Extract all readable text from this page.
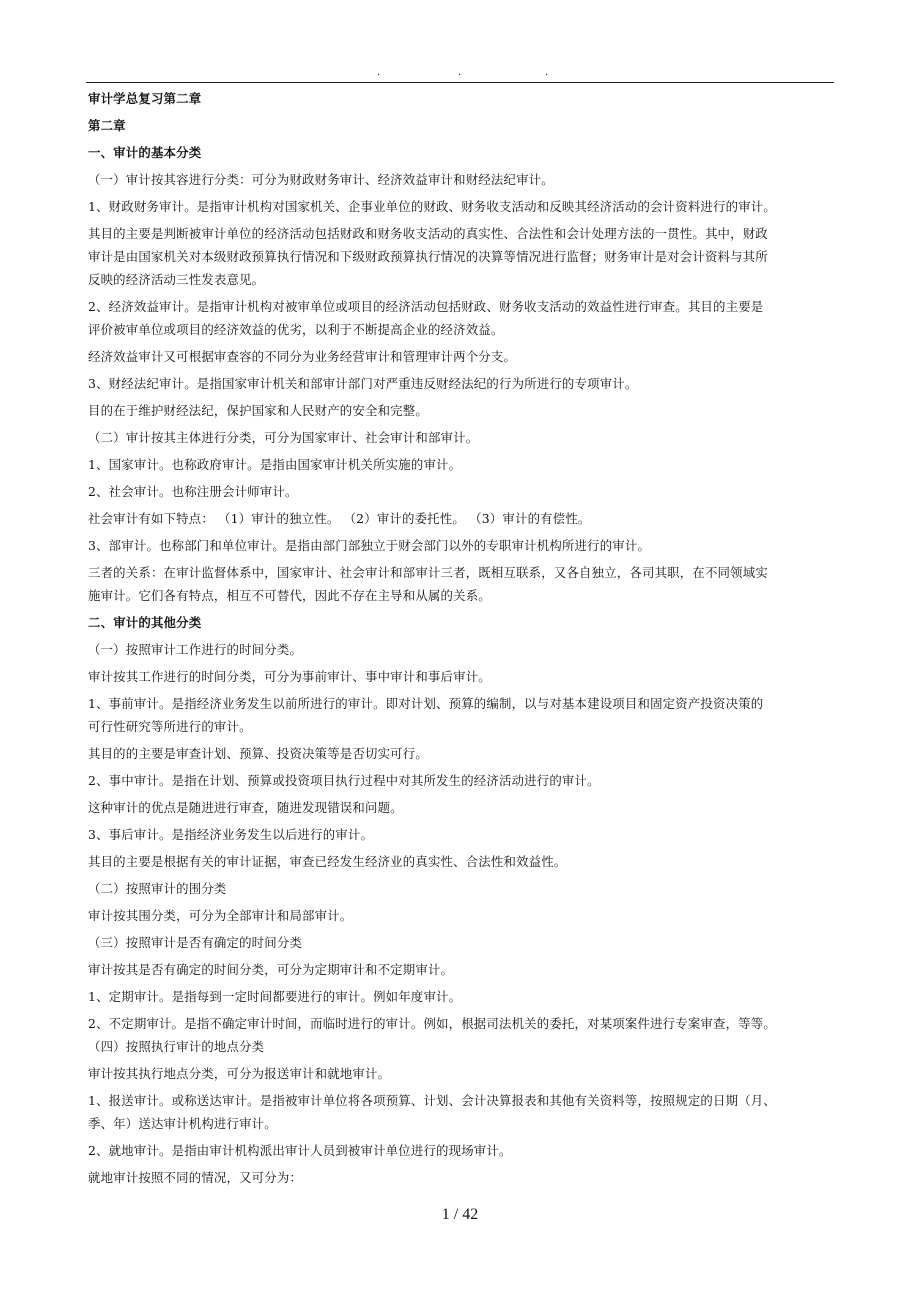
.	.	.
审计学总复习第二章
第二章
一、审计的基本分类
（一）审计按其容进行分类：可分为财政财务审计、经济效益审计和财经法纪审计。
1、财政财务审计。是指审计机构对国家机关、企事业单位的财政、财务收支活动和反映其经济活动的会计资料进行的审计。
其目的主要是判断被审计单位的经济活动包括财政和财务收支活动的真实性、合法性和会计处理方法的一贯性。其中，财政
审计是由国家机关对本级财政预算执行情况和下级财政预算执行情况的决算等情况进行监督；财务审计是对会计资料与其所
反映的经济活动三性发表意见。
2、经济效益审计。是指审计机构对被审单位或项目的经济活动包括财政、财务收支活动的效益性进行审查。其目的主要是
评价被审单位或项目的经济效益的优劣，以利于不断提高企业的经济效益。
经济效益审计又可根据审查容的不同分为业务经营审计和管理审计两个分支。
3、财经法纪审计。是指国家审计机关和部审计部门对严重违反财经法纪的行为所进行的专项审计。
目的在于维护财经法纪，保护国家和人民财产的安全和完整。
（二）审计按其主体进行分类，可分为国家审计、社会审计和部审计。
1、国家审计。也称政府审计。是指由国家审计机关所实施的审计。
2、社会审计。也称注册会计师审计。
社会审计有如下特点： （1）审计的独立性。 （2）审计的委托性。 （3）审计的有偿性。
3、部审计。也称部门和单位审计。是指由部门部独立于财会部门以外的专职审计机构所进行的审计。
三者的关系：在审计监督体系中，国家审计、社会审计和部审计三者，既相互联系，又各自独立，各司其职，在不同领域实
施审计。它们各有特点，相互不可替代，因此不存在主导和从属的关系。
二、审计的其他分类
（一）按照审计工作进行的时间分类。
审计按其工作进行的时间分类，可分为事前审计、事中审计和事后审计。
1、事前审计。是指经济业务发生以前所进行的审计。即对计划、预算的编制，以与对基本建设项目和固定资产投资决策的
可行性研究等所进行的审计。
其目的的主要是审查计划、预算、投资决策等是否切实可行。
2、事中审计。是指在计划、预算或投资项目执行过程中对其所发生的经济活动进行的审计。
这种审计的优点是随进进行审查，随进发现错误和问题。
3、事后审计。是指经济业务发生以后进行的审计。
其目的主要是根据有关的审计证据，审查已经发生经济业的真实性、合法性和效益性。
（二）按照审计的围分类
审计按其围分类，可分为全部审计和局部审计。
（三）按照审计是否有确定的时间分类
审计按其是否有确定的时间分类，可分为定期审计和不定期审计。
1、定期审计。是指每到一定时间都要进行的审计。例如年度审计。
2、不定期审计。是指不确定审计时间，而临时进行的审计。例如，根据司法机关的委托，对某项案件进行专案审查，等等。
（四）按照执行审计的地点分类
审计按其执行地点分类，可分为报送审计和就地审计。
1、报送审计。或称送达审计。是指被审计单位将各项预算、计划、会计决算报表和其他有关资料等，按照规定的日期（月、
季、年）送达审计机构进行审计。
2、就地审计。是指由审计机构派出审计人员到被审计单位进行的现场审计。
就地审计按照不同的情况，又可分为：
1 / 42
